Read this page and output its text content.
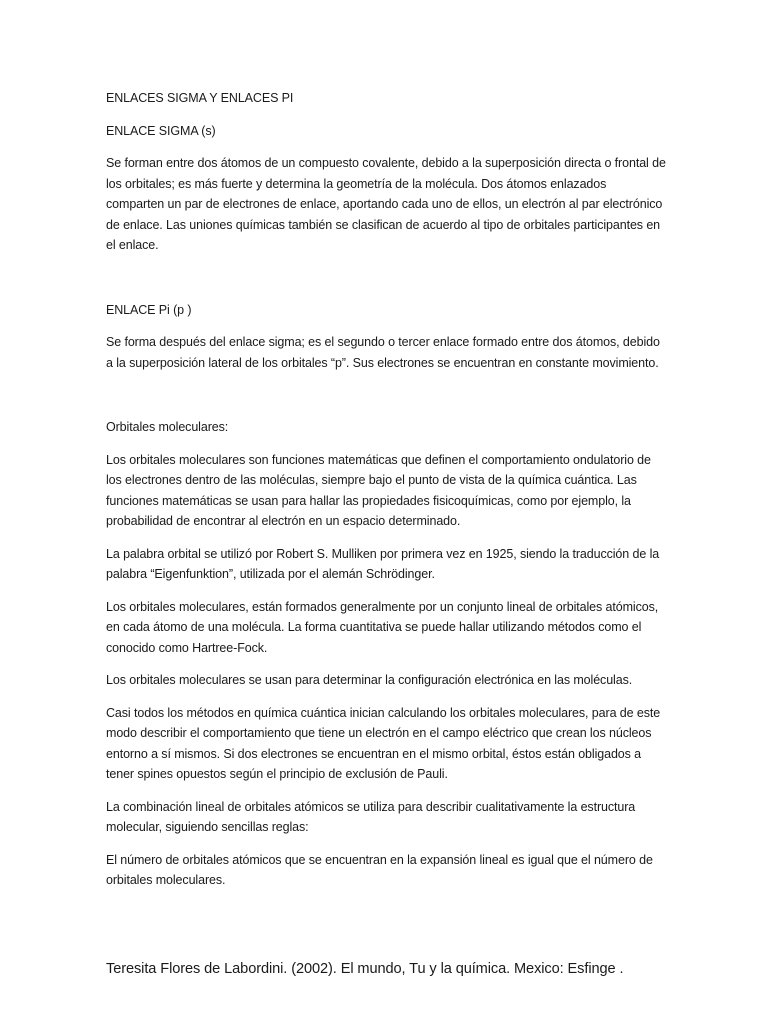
ENLACES SIGMA Y ENLACES PI

ENLACE SIGMA (s)

Se forman entre dos átomos de un compuesto covalente, debido a la superposición directa o frontal de los orbitales; es más fuerte y determina la geometría de la molécula. Dos átomos enlazados comparten un par de electrones de enlace, aportando cada uno de ellos, un electrón al par electrónico de enlace. Las uniones químicas también se clasifican de acuerdo al tipo de orbitales participantes en el enlace.

ENLACE Pi (p )

Se forma después del enlace sigma; es el segundo o tercer enlace formado entre dos átomos, debido a la superposición lateral de los orbitales “p”. Sus electrones se encuentran en constante movimiento.

Orbitales moleculares:

Los orbitales moleculares son funciones matemáticas que definen el comportamiento ondulatorio de los electrones dentro de las moléculas, siempre bajo el punto de vista de la química cuántica. Las funciones matemáticas se usan para hallar las propiedades fisicoquímicas, como por ejemplo, la probabilidad de encontrar al electrón en un espacio determinado.

La palabra orbital se utilizó por Robert S. Mulliken por primera vez en 1925, siendo la traducción de la palabra “Eigenfunktion”, utilizada por el alemán Schrödinger.

Los orbitales moleculares, están formados generalmente por un conjunto lineal de orbitales atómicos, en cada átomo de una molécula. La forma cuantitativa se puede hallar utilizando métodos como el conocido como Hartree-Fock.

Los orbitales moleculares se usan para determinar la configuración electrónica en las moléculas.

Casi todos los métodos en química cuántica inician calculando los orbitales moleculares, para de este modo describir el comportamiento que tiene un electrón en el campo eléctrico que crean los núcleos entorno a sí mismos. Si dos electrones se encuentran en el mismo orbital, éstos están obligados a tener spines opuestos según el principio de exclusión de Pauli.

La combinación lineal de orbitales atómicos se utiliza para describir cualitativamente la estructura molecular, siguiendo sencillas reglas:

El número de orbitales atómicos que se encuentran en la expansión lineal es igual que el número de orbitales moleculares.

Teresita Flores de Labordini. (2002). El mundo, Tu y la química. Mexico: Esfinge .
